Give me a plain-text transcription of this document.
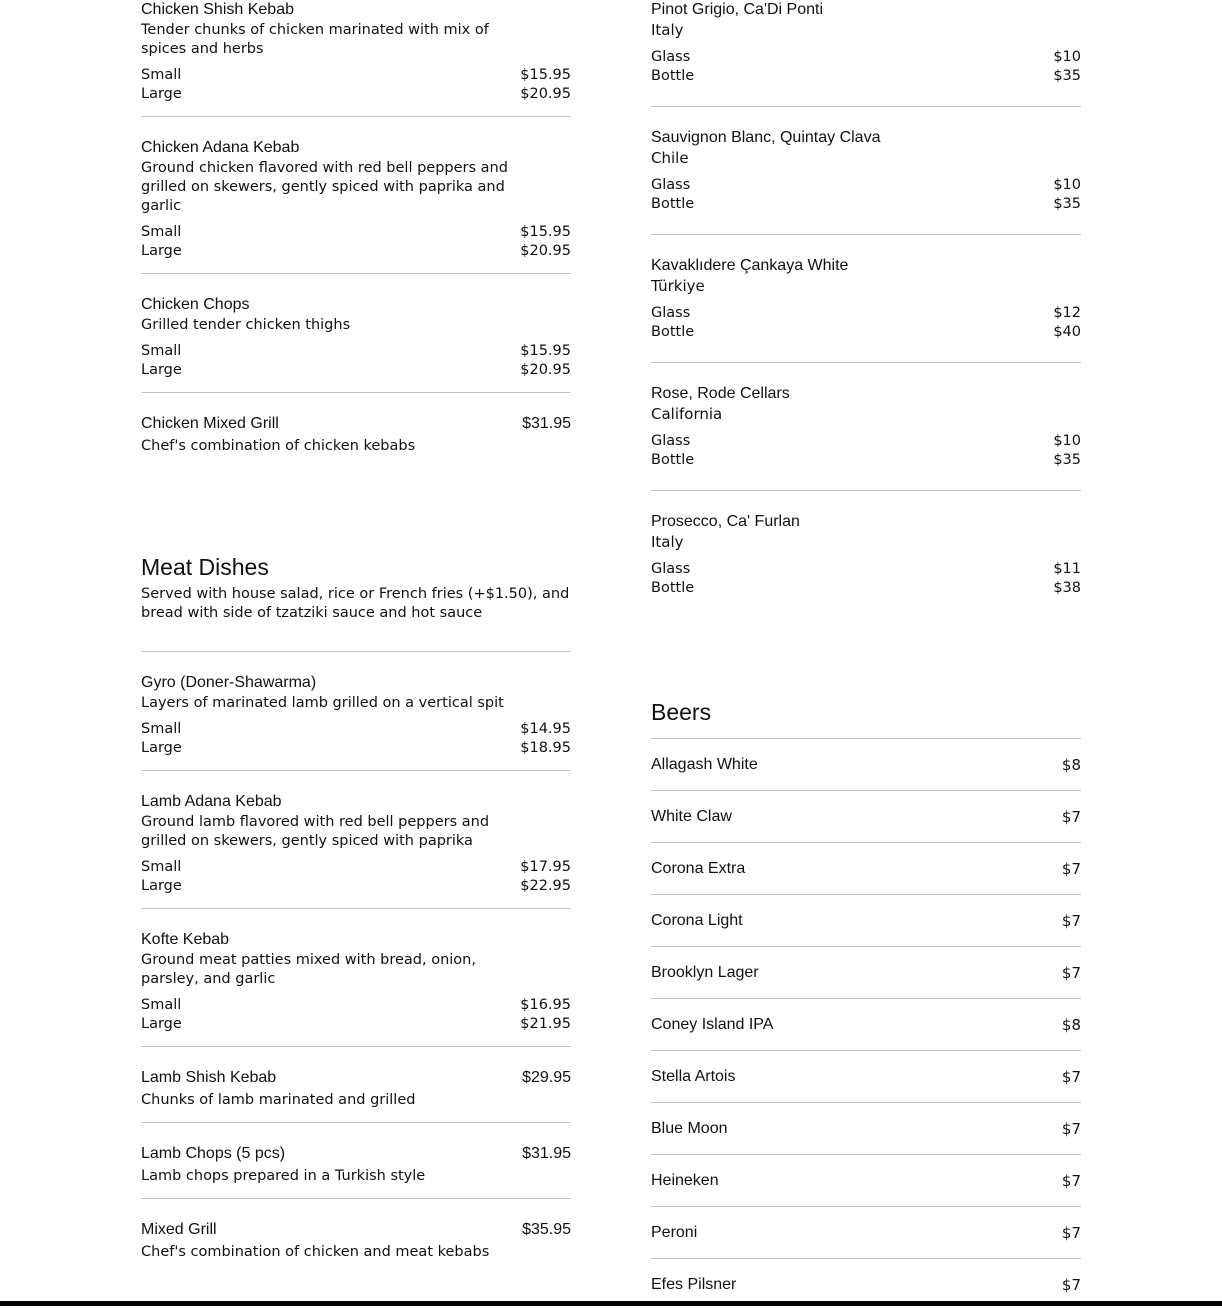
Chicken Shish Kebab
Tender chunks of chicken marinated with mix of spices and herbs
Small	$15.95
Large	$20.95
Chicken Adana Kebab
Ground chicken flavored with red bell peppers and grilled on skewers, gently spiced with paprika and garlic
Small	$15.95
Large	$20.95
Chicken Chops
Grilled tender chicken thighs
Small	$15.95
Large	$20.95
Chicken Mixed Grill	$31.95
Chef's combination of chicken kebabs
Meat Dishes
Served with house salad, rice or French fries (+$1.50), and bread with side of tzatziki sauce and hot sauce
Gyro (Doner-Shawarma)
Layers of marinated lamb grilled on a vertical spit
Small	$14.95
Large	$18.95
Lamb Adana Kebab
Ground lamb flavored with red bell peppers and grilled on skewers, gently spiced with paprika
Small	$17.95
Large	$22.95
Kofte Kebab
Ground meat patties mixed with bread, onion, parsley, and garlic
Small	$16.95
Large	$21.95
Lamb Shish Kebab	$29.95
Chunks of lamb marinated and grilled
Lamb Chops (5 pcs)	$31.95
Lamb chops prepared in a Turkish style
Mixed Grill	$35.95
Chef's combination of chicken and meat kebabs
Pinot Grigio, Ca'Di Ponti
Italy
Glass	$10
Bottle	$35
Sauvignon Blanc, Quintay Clava
Chile
Glass	$10
Bottle	$35
Kavaklıdere Çankaya White
Türkiye
Glass	$12
Bottle	$40
Rose, Rode Cellars
California
Glass	$10
Bottle	$35
Prosecco, Ca' Furlan
Italy
Glass	$11
Bottle	$38
Beers
Allagash White	$8
White Claw	$7
Corona Extra	$7
Corona Light	$7
Brooklyn Lager	$7
Coney Island IPA	$8
Stella Artois	$7
Blue Moon	$7
Heineken	$7
Peroni	$7
Efes Pilsner	$7
